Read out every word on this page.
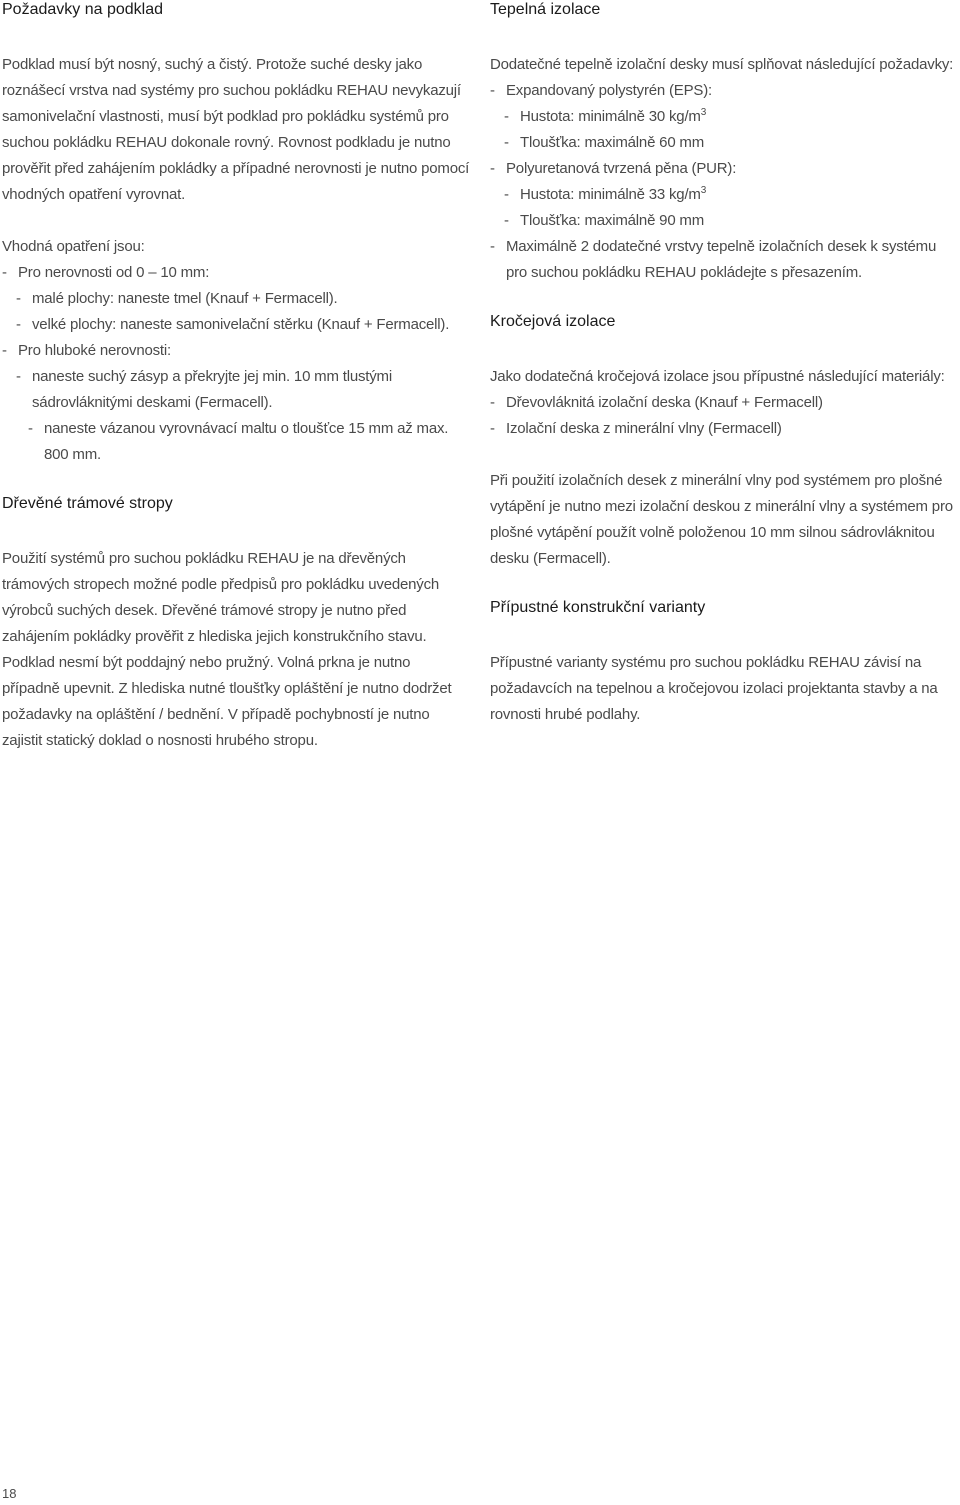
Požadavky na podklad

Podklad musí být nosný, suchý a čistý. Protože suché desky jako roznášecí vrstva nad systémy pro suchou pokládku REHAU nevykazují samonivelační vlastnosti, musí být podklad pro pokládku systémů pro suchou pokládku REHAU dokonale rovný. Rovnost podkladu je nutno prověřit před zahájením pokládky a případné nerovnosti je nutno pomocí vhodných opatření vyrovnat.

Vhodná opatření jsou:

- Pro nerovnosti od 0 – 10 mm:
- malé plochy: naneste tmel (Knauf + Fermacell).
- velké plochy: naneste samonivelační stěrku (Knauf + Fermacell).
- Pro hluboké nerovnosti:
- naneste suchý zásyp a překryjte jej min. 10 mm tlustými sádrovláknitými deskami (Fermacell).
- naneste vázanou vyrovnávací maltu o tloušťce 15 mm až max. 800 mm.
Dřevěné trámové stropy

Použití systémů pro suchou pokládku REHAU je na dřevěných trámových stropech možné podle předpisů pro pokládku uvedených výrobců suchých desek. Dřevěné trámové stropy je nutno před zahájením pokládky prověřit z hlediska jejich konstrukčního stavu. Podklad nesmí být poddajný nebo pružný. Volná prkna je nutno případně upevnit. Z hlediska nutné tloušťky opláštění je nutno dodržet požadavky na opláštění / bednění. V případě pochybností je nutno zajistit statický doklad o nosnosti hrubého stropu.

Tepelná izolace

Dodatečné tepelně izolační desky musí splňovat následující požadavky:

- Expandovaný polystyrén (EPS):
- Hustota: minimálně 30 $kg/m^3$
- Tloušťka: maximálně 60 mm
- Polyuretanová tvrzená pěna (PUR):
- Hustota: minimálně 33 $kg/m^3$
- Tloušťka: maximálně 90 mm
- Maximálně 2 dodatečné vrstvy tepelně izolačních desek k systému pro suchou pokládku REHAU pokládejte s přesazením.
Kročejová izolace

Jako dodatečná kročejová izolace jsou přípustné následující materiály:

- Dřevovláknitá izolační deska (Knauf + Fermacell)
- Izolační deska z minerální vlny (Fermacell)

Při použití izolačních desek z minerální vlny pod systémem pro plošné vytápění je nutno mezi izolační deskou z minerální vlny a systémem pro plošné vytápění použít volně položenou 10 mm silnou sádrovláknitou desku (Fermacell).

Přípustné konstrukční varianty

Přípustné varianty systému pro suchou pokládku REHAU závisí na požadavcích na tepelnou a kročejovou izolaci projektanta stavby a na rovnosti hrubé podlahy.

18
